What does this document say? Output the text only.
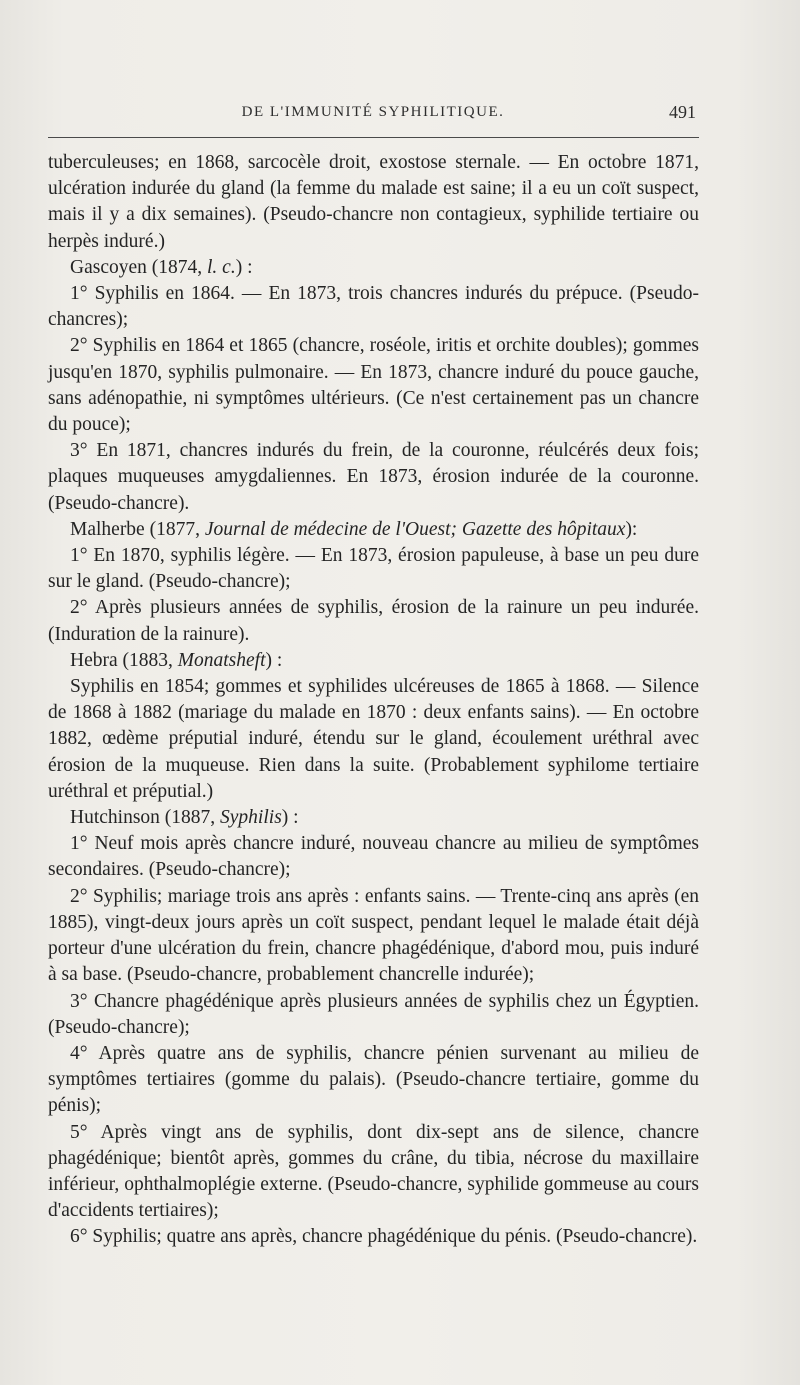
DE L'IMMUNITÉ SYPHILITIQUE.	491

tuberculeuses; en 1868, sarcocèle droit, exostose sternale. — En octobre 1871, ulcération indurée du gland (la femme du malade est saine; il a eu un coït suspect, mais il y a dix semaines). (Pseudo-chancre non contagieux, syphilide tertiaire ou herpès induré.)

Gascoyen (1874, l. c.) :

1° Syphilis en 1864. — En 1873, trois chancres indurés du prépuce. (Pseudo-chancres);

2° Syphilis en 1864 et 1865 (chancre, roséole, iritis et orchite doubles); gommes jusqu'en 1870, syphilis pulmonaire. — En 1873, chancre induré du pouce gauche, sans adénopathie, ni symptômes ultérieurs. (Ce n'est certainement pas un chancre du pouce);

3° En 1871, chancres indurés du frein, de la couronne, réulcérés deux fois; plaques muqueuses amygdaliennes. En 1873, érosion indurée de la couronne. (Pseudo-chancre).

Malherbe (1877, Journal de médecine de l'Ouest; Gazette des hôpitaux):

1° En 1870, syphilis légère. — En 1873, érosion papuleuse, à base un peu dure sur le gland. (Pseudo-chancre);

2° Après plusieurs années de syphilis, érosion de la rainure un peu indurée. (Induration de la rainure).

Hebra (1883, Monatsheft) :

Syphilis en 1854; gommes et syphilides ulcéreuses de 1865 à 1868. — Silence de 1868 à 1882 (mariage du malade en 1870 : deux enfants sains). — En octobre 1882, œdème préputial induré, étendu sur le gland, écoulement uréthral avec érosion de la muqueuse. Rien dans la suite. (Probablement syphilome tertiaire uréthral et préputial.)

Hutchinson (1887, Syphilis) :

1° Neuf mois après chancre induré, nouveau chancre au milieu de symptômes secondaires. (Pseudo-chancre);

2° Syphilis; mariage trois ans après : enfants sains. — Trente-cinq ans après (en 1885), vingt-deux jours après un coït suspect, pendant lequel le malade était déjà porteur d'une ulcération du frein, chancre phagédénique, d'abord mou, puis induré à sa base. (Pseudo-chancre, probablement chancrelle indurée);

3° Chancre phagédénique après plusieurs années de syphilis chez un Égyptien. (Pseudo-chancre);

4° Après quatre ans de syphilis, chancre pénien survenant au milieu de symptômes tertiaires (gomme du palais). (Pseudo-chancre tertiaire, gomme du pénis);

5° Après vingt ans de syphilis, dont dix-sept ans de silence, chancre phagédénique; bientôt après, gommes du crâne, du tibia, nécrose du maxillaire inférieur, ophthalmoplégie externe. (Pseudo-chancre, syphilide gommeuse au cours d'accidents tertiaires);

6° Syphilis; quatre ans après, chancre phagédénique du pénis. (Pseudo-chancre).
